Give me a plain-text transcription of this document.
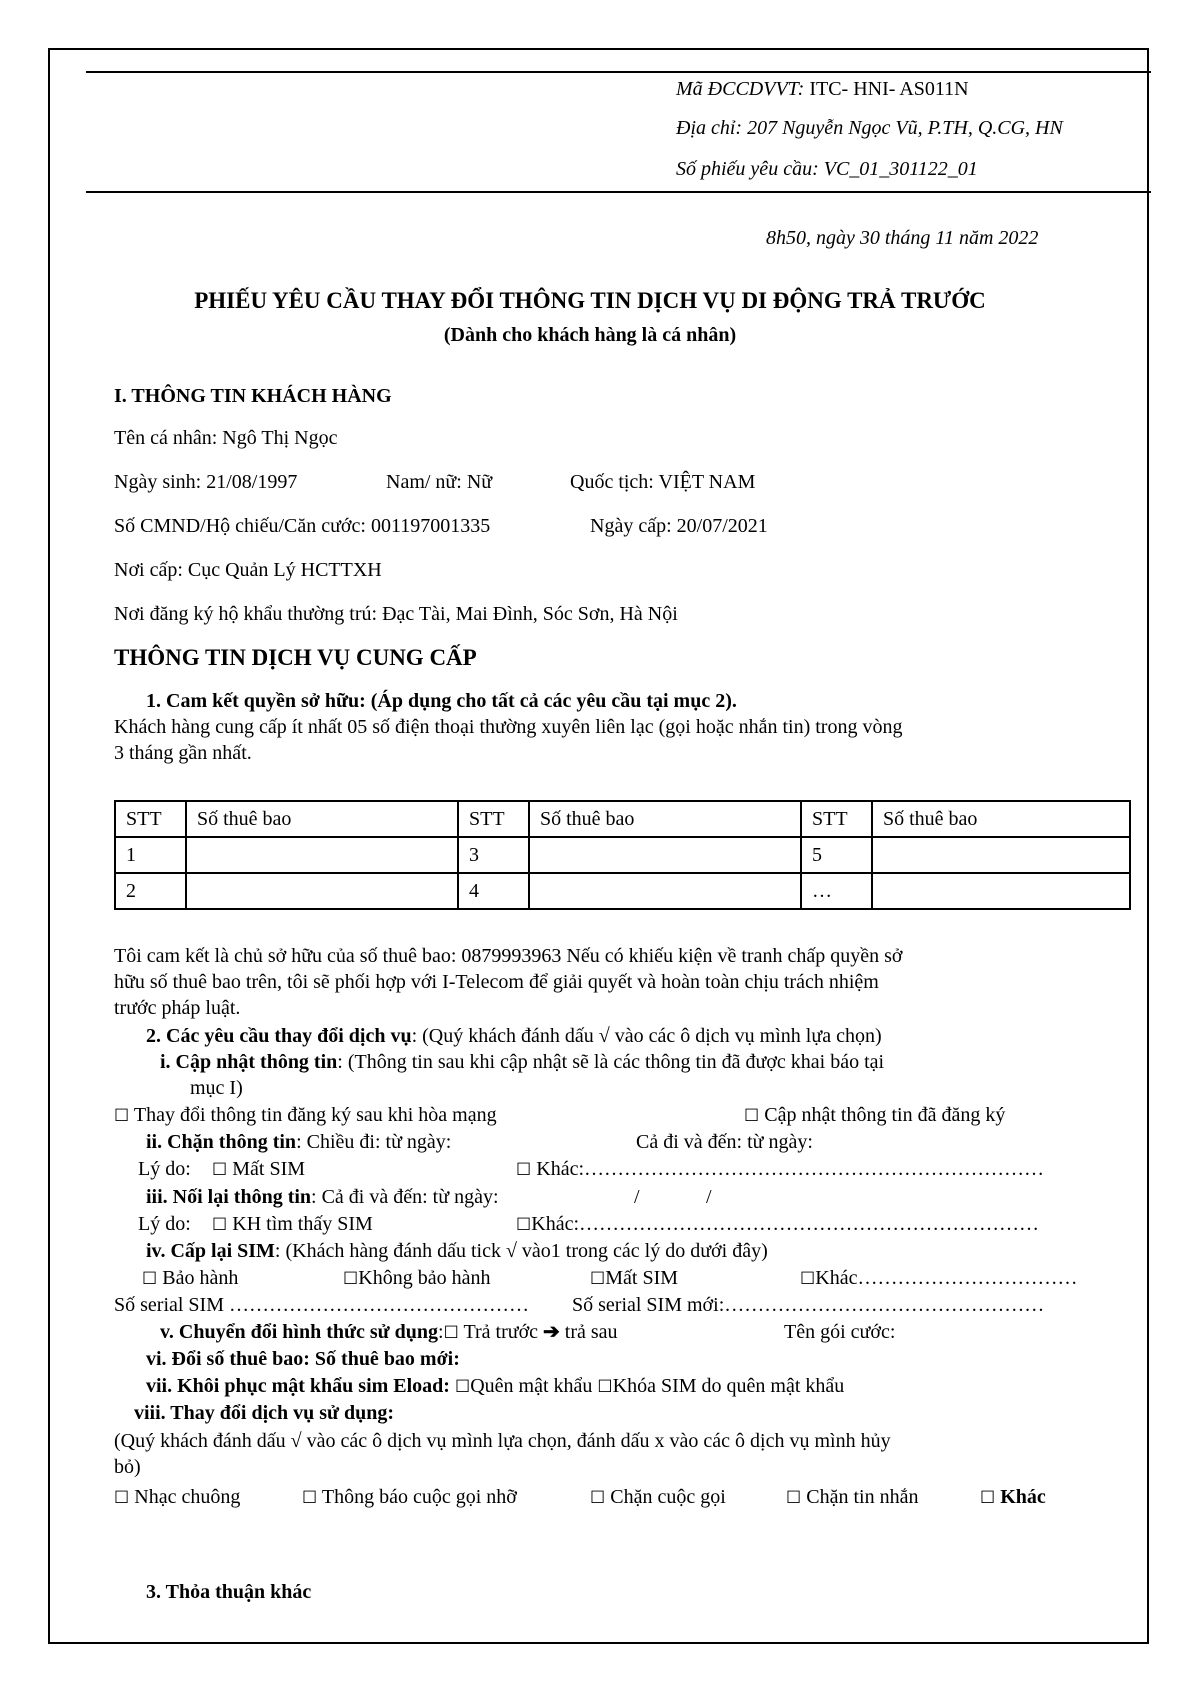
Mã ĐCCDVVT: ITC- HNI- AS011N
Địa chỉ: 207 Nguyễn Ngọc Vũ, P.TH, Q.CG, HN
Số phiếu yêu cầu: VC_01_301122_01
8h50, ngày 30 tháng 11 năm 2022
PHIẾU YÊU CẦU THAY ĐỔI THÔNG TIN DỊCH VỤ DI ĐỘNG TRẢ TRƯỚC
(Dành cho khách hàng là cá nhân)
I. THÔNG TIN KHÁCH HÀNG
Tên cá nhân: Ngô Thị Ngọc
Ngày sinh: 21/08/1997	Nam/ nữ: Nữ	Quốc tịch: VIỆT NAM
Số CMND/Hộ chiếu/Căn cước: 001197001335	Ngày cấp: 20/07/2021
Nơi cấp: Cục Quản Lý HCTTXH
Nơi đăng ký hộ khẩu thường trú: Đạc Tài, Mai Đình, Sóc Sơn, Hà Nội
THÔNG TIN DỊCH VỤ CUNG CẤP
1. Cam kết quyền sở hữu: (Áp dụng cho tất cả các yêu cầu tại mục 2).
Khách hàng cung cấp ít nhất 05 số điện thoại thường xuyên liên lạc (gọi hoặc nhắn tin) trong vòng
3 tháng gần nhất.
STT	Số thuê bao	STT	Số thuê bao	STT	Số thuê bao
1		3		5	
2		4		…	
Tôi cam kết là chủ sở hữu của số thuê bao: 0879993963 Nếu có khiếu kiện về tranh chấp quyền sở
hữu số thuê bao trên, tôi sẽ phối hợp với I-Telecom để giải quyết và hoàn toàn chịu trách nhiệm
trước pháp luật.
2. Các yêu cầu thay đổi dịch vụ: (Quý khách đánh dấu √ vào các ô dịch vụ mình lựa chọn)
i. Cập nhật thông tin: (Thông tin sau khi cập nhật sẽ là các thông tin đã được khai báo tại
mục I)
☐ Thay đổi thông tin đăng ký sau khi hòa mạng	☐ Cập nhật thông tin đã đăng ký
ii. Chặn thông tin: Chiều đi: từ ngày:	Cả đi và đến: từ ngày:
Lý do: ☐ Mất SIM	☐ Khác:……………………………………………………………
iii. Nối lại thông tin: Cả đi và đến: từ ngày:	/	/
Lý do: ☐ KH tìm thấy SIM	☐Khác:……………………………………………………………
iv. Cấp lại SIM: (Khách hàng đánh dấu tick √ vào1 trong các lý do dưới đây)
☐ Bảo hành	☐Không bảo hành	☐Mất SIM	☐Khác……………………………
Số serial SIM ……………………………………… Số serial SIM mới:…………………………………………
v. Chuyển đổi hình thức sử dụng:☐ Trả trước ➔ trả sau	Tên gói cước:
vi. Đổi số thuê bao: Số thuê bao mới:
vii. Khôi phục mật khẩu sim Eload: ☐Quên mật khẩu ☐Khóa SIM do quên mật khẩu
viii. Thay đổi dịch vụ sử dụng:
(Quý khách đánh dấu √ vào các ô dịch vụ mình lựa chọn, đánh dấu x vào các ô dịch vụ mình hủy
bỏ)
☐ Nhạc chuông	☐ Thông báo cuộc gọi nhỡ	☐ Chặn cuộc gọi	☐ Chặn tin nhắn	☐ Khác
3. Thỏa thuận khác
